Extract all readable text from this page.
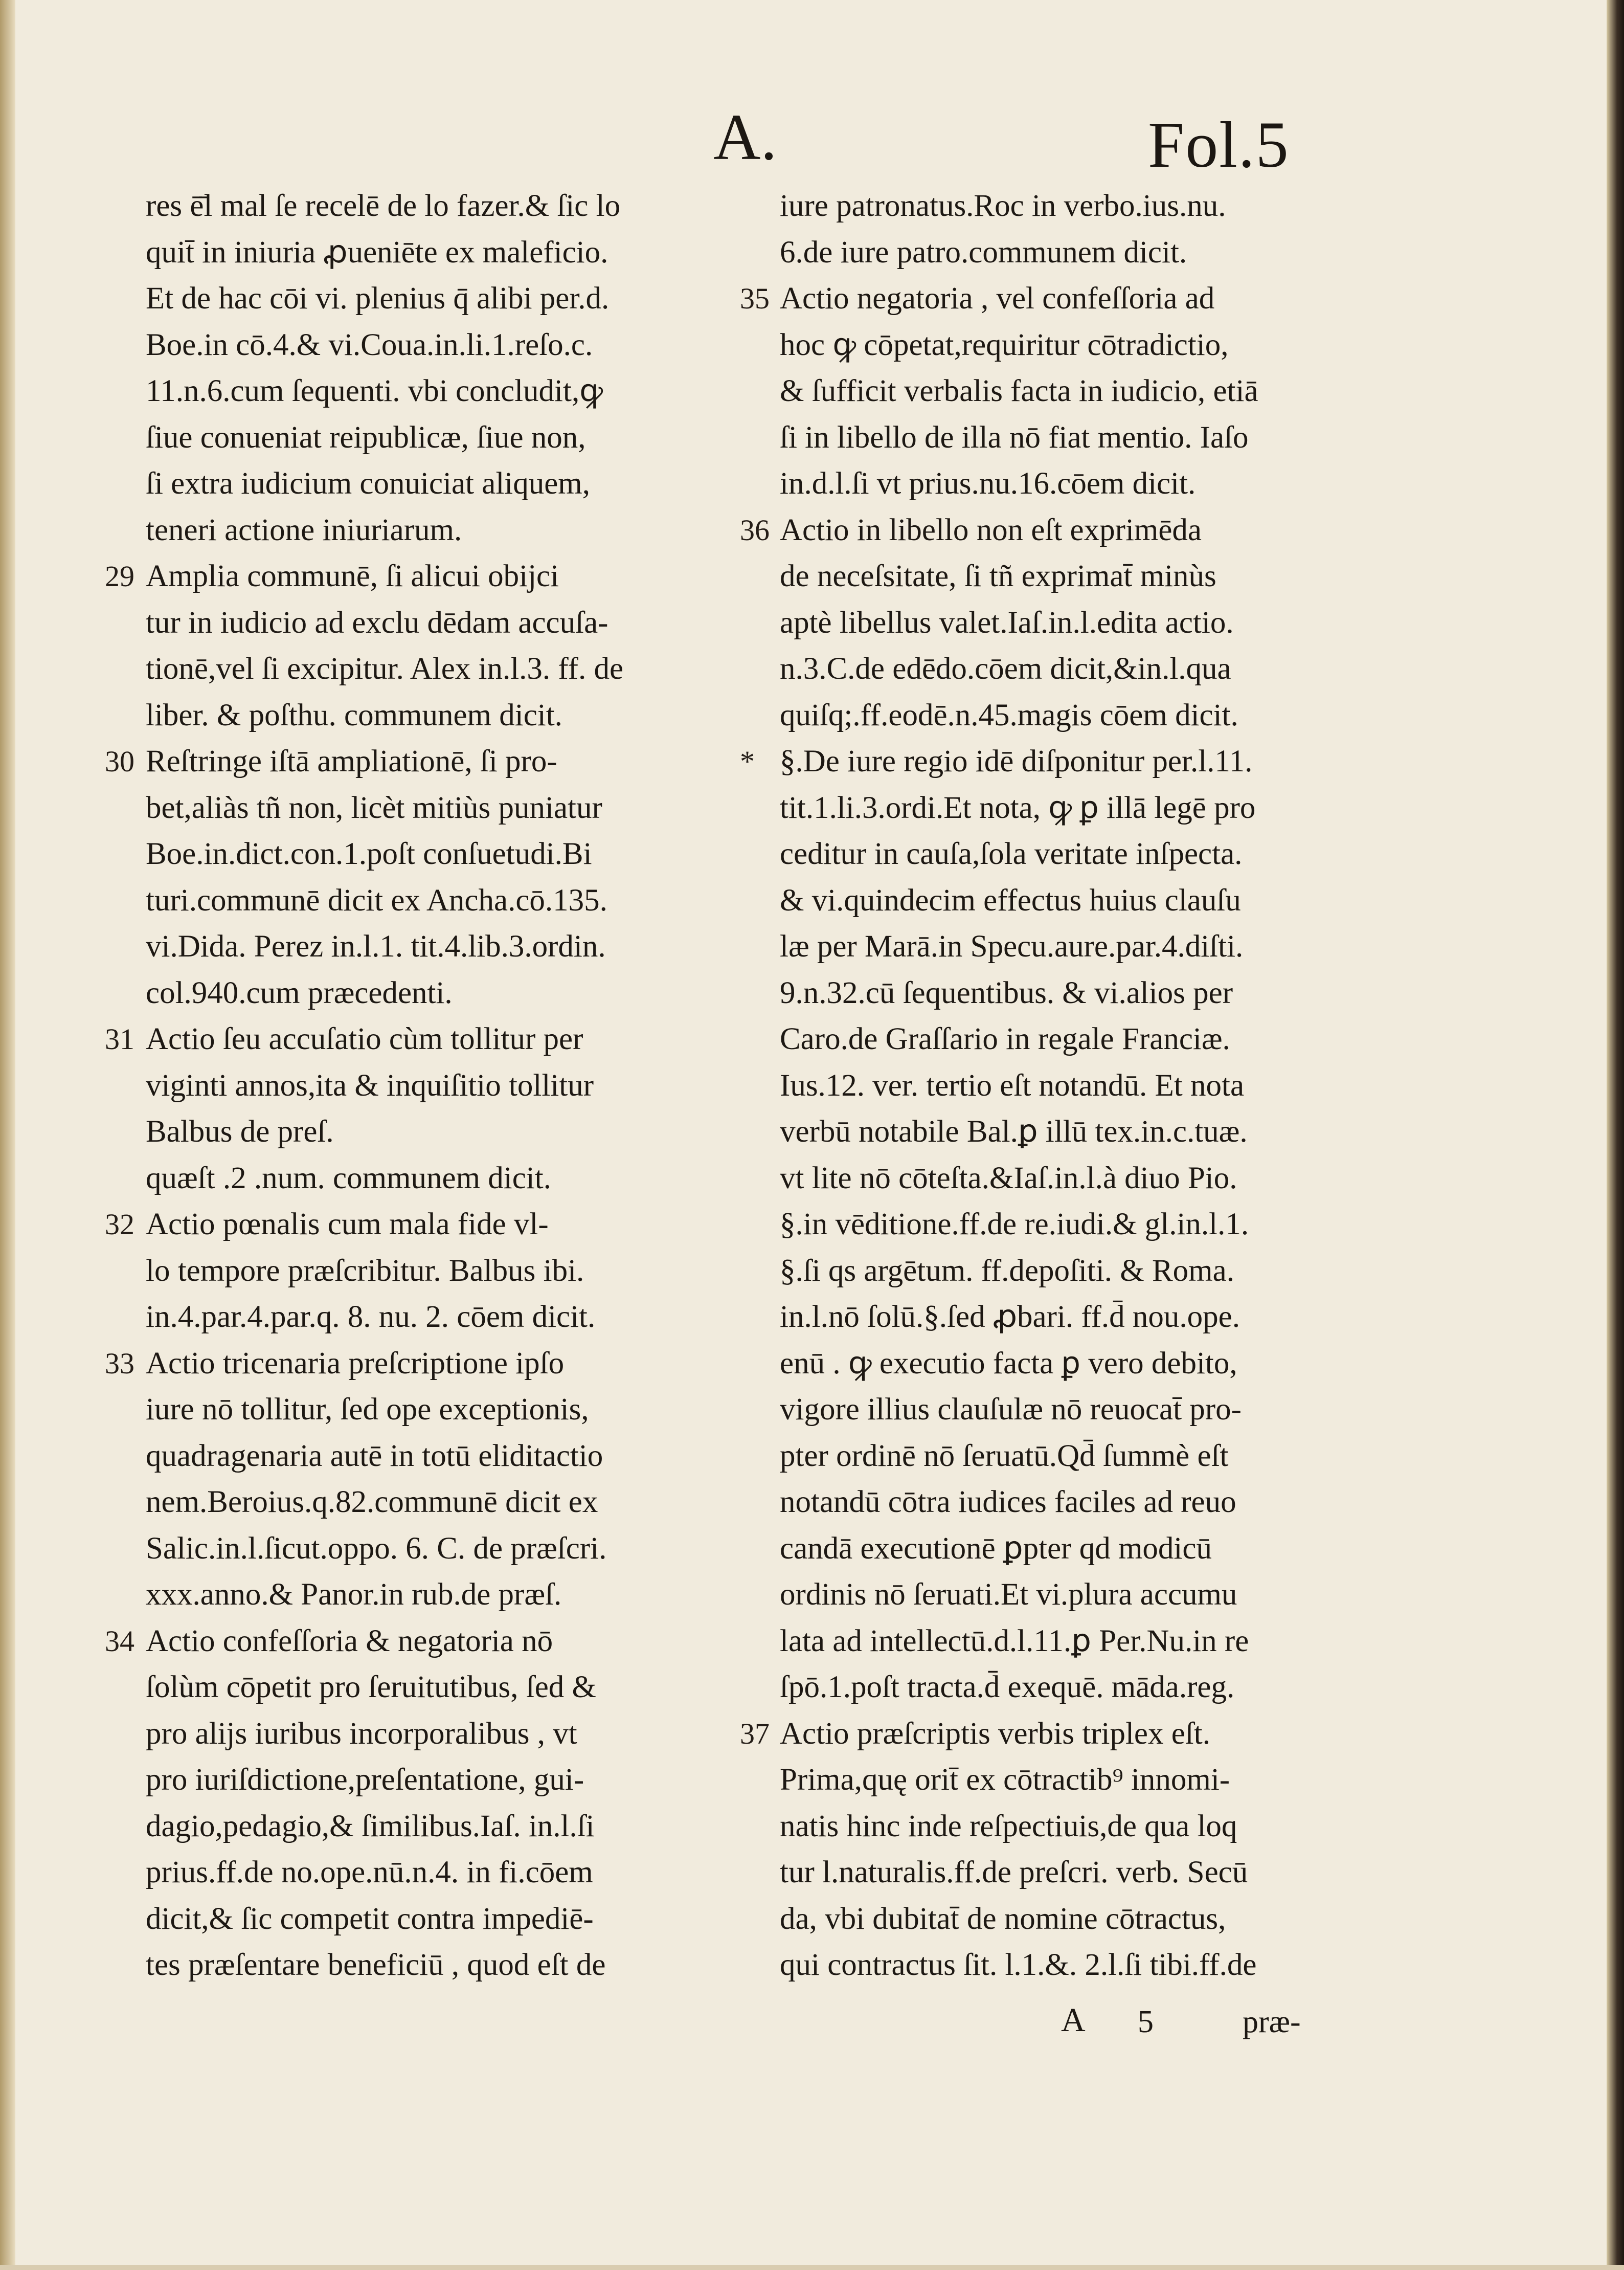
A.	Fol.5
res ē̄l mal ſe recelē de lo fazer.& ſic lo
quit̄ in iniuria ꝓueniēte ex maleficio.
Et de hac cōi vi. plenius q̄ alibi per.d.
Boe.in cō.4.& vi.Coua.in.li.1.reſo.c.
11.n.6.cum ſequenti. vbi concludit,ꝙ
ſiue conueniat reipublicæ, ſiue non,
ſi extra iudicium conuiciat aliquem,
teneri actione iniuriarum.
29 Amplia communē, ſi alicui obijci
tur in iudicio ad exclu dēdam accuſa-
tionē,vel ſi excipitur. Alex in.l.3. ff. de
liber. & poſthu. communem dicit.
30 Reſtringe iſtā ampliationē, ſi pro-
bet,aliàs tñ non, licèt mitiùs puniatur
Boe.in.dict.con.1.poſt conſuetudi.Bi
turi.communē dicit ex Ancha.cō.135.
vi.Dida. Perez in.l.1. tit.4.lib.3.ordin.
col.940.cum præcedenti.
31 Actio ſeu accuſatio cùm tollitur per
viginti annos,ita & inquiſitio tollitur
Balbus de preſ.
quæſt .2 .num. communem dicit.
32 Actio pœnalis cum mala fide vl-
lo tempore præſcribitur. Balbus ibi.
in.4.par.4.par.q. 8. nu. 2. cōem dicit.
33 Actio tricenaria preſcriptione ipſo
iure nō tollitur, ſed ope exceptionis,
quadragenaria autē in totū eliditactio
nem.Beroius.q.82.communē dicit ex
Salic.in.l.ſicut.oppo. 6. C. de præſcri.
xxx.anno.& Panor.in rub.de præſ.
34 Actio confeſſoria & negatoria nō
ſolùm cōpetit pro ſeruitutibus, ſed &
pro alijs iuribus incorporalibus , vt
pro iuriſdictione,preſentatione, gui-
dagio,pedagio,& ſimilibus.Iaſ. in.l.ſi
prius.ff.de no.ope.nū.n.4. in fi.cōem
dicit,& ſic competit contra impediē-
tes præſentare beneficiū , quod eſt de
iure patronatus.Roc in verbo.ius.nu.
6.de iure patro.communem dicit.
35 Actio negatoria , vel confeſſoria ad
hoc ꝙ cōpetat,requiritur cōtradictio,
& ſufficit verbalis facta in iudicio, etiā
ſi in libello de illa nō fiat mentio. Iaſo
in.d.l.ſi vt prius.nu.16.cōem dicit.
36 Actio in libello non eſt exprimēda
de neceſsitate, ſi tñ exprimat̄ minùs
aptè libellus valet.Iaſ.in.l.edita actio.
n.3.C.de edēdo.cōem dicit,&in.l.qua
quiſq;.ff.eodē.n.45.magis cōem dicit.
* §.De iure regio idē diſponitur per.l.11.
tit.1.li.3.ordi.Et nota, ꝙ ꝑ illā legē pro
ceditur in cauſa,ſola veritate inſpecta.
& vi.quindecim effectus huius clauſu
læ per Marā.in Specu.aure.par.4.diſti.
9.n.32.cū ſequentibus. & vi.alios per
Caro.de Graſſario in regale Franciæ.
Ius.12. ver. tertio eſt notandū. Et nota
verbū notabile Bal.ꝑ illū tex.in.c.tuæ.
vt lite nō cōteſta.&Iaſ.in.l.à diuo Pio.
§.in vēditione.ff.de re.iudi.& gl.in.l.1.
§.ſi qs argētum. ff.depoſiti. & Roma.
in.l.nō ſolū.§.ſed ꝓbari. ff.d̄ nou.ope.
enū . ꝙ executio facta ꝑ vero debito,
vigore illius clauſulæ nō reuocat̄ pro-
pter ordinē nō ſeruatū.Qd̄ ſummè eſt
notandū cōtra iudices faciles ad reuo
candā executionē ꝑpter qd modicū
ordinis nō ſeruati.Et vi.plura accumu
lata ad intellectū.d.l.11.ꝑ Per.Nu.in re
ſpō.1.poſt tracta.d̄ exequē. māda.reg.
37 Actio præſcriptis verbis triplex eſt.
Prima,quę orit̄ ex cōtractib⁹ innomi-
natis hinc inde reſpectiuis,de qua loq
tur l.naturalis.ff.de preſcri. verb. Secū
da, vbi dubitat̄ de nomine cōtractus,
qui contractus ſit. l.1.&. 2.l.ſi tibi.ff.de
A 5	præ-
